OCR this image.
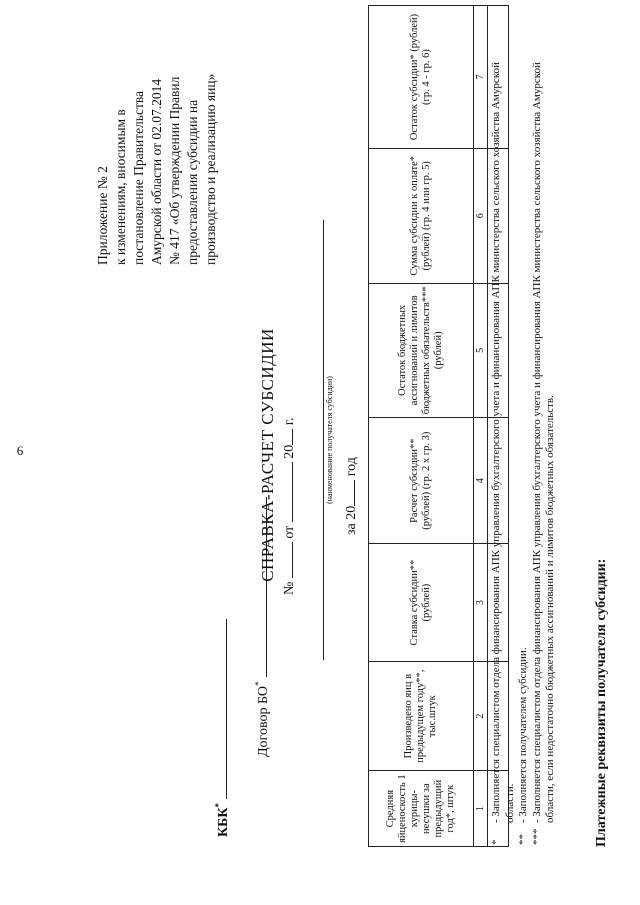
6
Приложение № 2 к изменениям, вносимым в постановление Правительства Амурской области от 02.07.2014 № 417 «Об утверждении Правил предоставления субсидии на производство и реализацию яиц»
КБК*
Договор БО*
СПРАВКА-РАСЧЕТ СУБСИДИИ
№  от  20 г.	(наименование получателя субсидии)
за 20 год
Средняя яйценоскость 1 курицы-несушки за предыдущий год*, штук	Произведено яиц в предыдущем году**, тыс.штук	Ставка субсидии** (рублей)	Расчет субсидии** (рублей) (гр. 2 х гр. 3)	Остаток бюджетных ассигнований и лимитов бюджетных обязательств*** (рублей)	Сумма субсидии к оплате* (рублей) (гр. 4 или гр. 5)	Остаток субсидии* (рублей) (гр. 4 - гр. 6)
1	2	3	4	5	6	7

*
- Заполняется специалистом отдела финансирования АПК управления бухгалтерского учета и финансирования АПК министерства сельского хозяйства Амурской области.
**
- Заполняется получателем субсидии.
***
- Заполняется специалистом отдела финансирования АПК управления бухгалтерского учета и финансирования АПК министерства сельского хозяйства Амурской области, если недостаточно бюджетных ассигнований и лимитов бюджетных обязательств.	Платежные реквизиты получателя субсидии:
